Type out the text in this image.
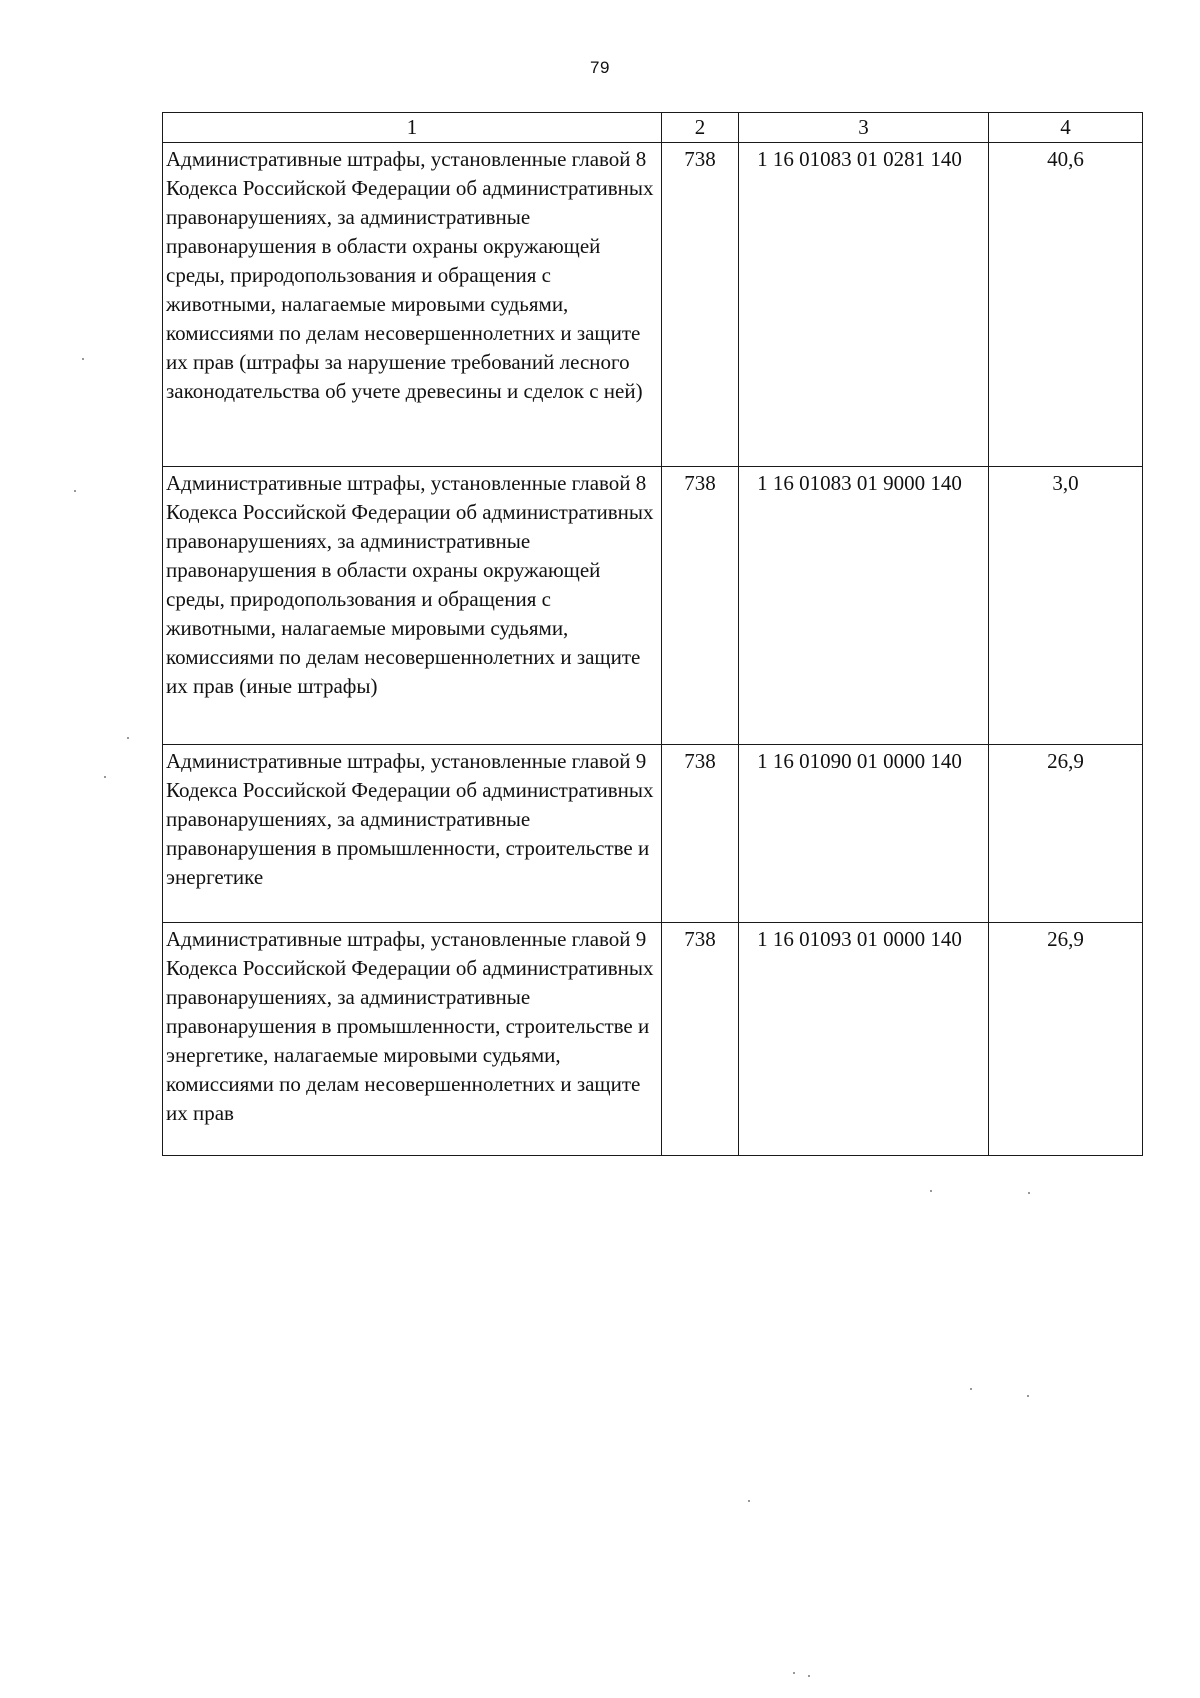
79
1	2	3	4
Административные штрафы, установленные главой 8 Кодекса Российской Федерации об административных правонарушениях, за административные правонарушения в области охраны окружающей среды, природопользования и обращения с животными, налагаемые мировыми судьями, комиссиями по делам несовершеннолетних и защите их прав (штрафы за нарушение требований лесного законодательства об учете древесины и сделок с ней)	738	1 16 01083 01 0281 140	40,6
Административные штрафы, установленные главой 8 Кодекса Российской Федерации об административных правонарушениях, за административные правонарушения в области охраны окружающей среды, природопользования и обращения с животными, налагаемые мировыми судьями, комиссиями по делам несовершеннолетних и защите их прав (иные штрафы)	738	1 16 01083 01 9000 140	3,0
Административные штрафы, установленные главой 9 Кодекса Российской Федерации об административных правонарушениях, за административные правонарушения в промышленности, строительстве и энергетике	738	1 16 01090 01 0000 140	26,9
Административные штрафы, установленные главой 9 Кодекса Российской Федерации об административных правонарушениях, за административные правонарушения в промышленности, строительстве и энергетике, налагаемые мировыми судьями, комиссиями по делам несовершеннолетних и защите их прав	738	1 16 01093 01 0000 140	26,9
